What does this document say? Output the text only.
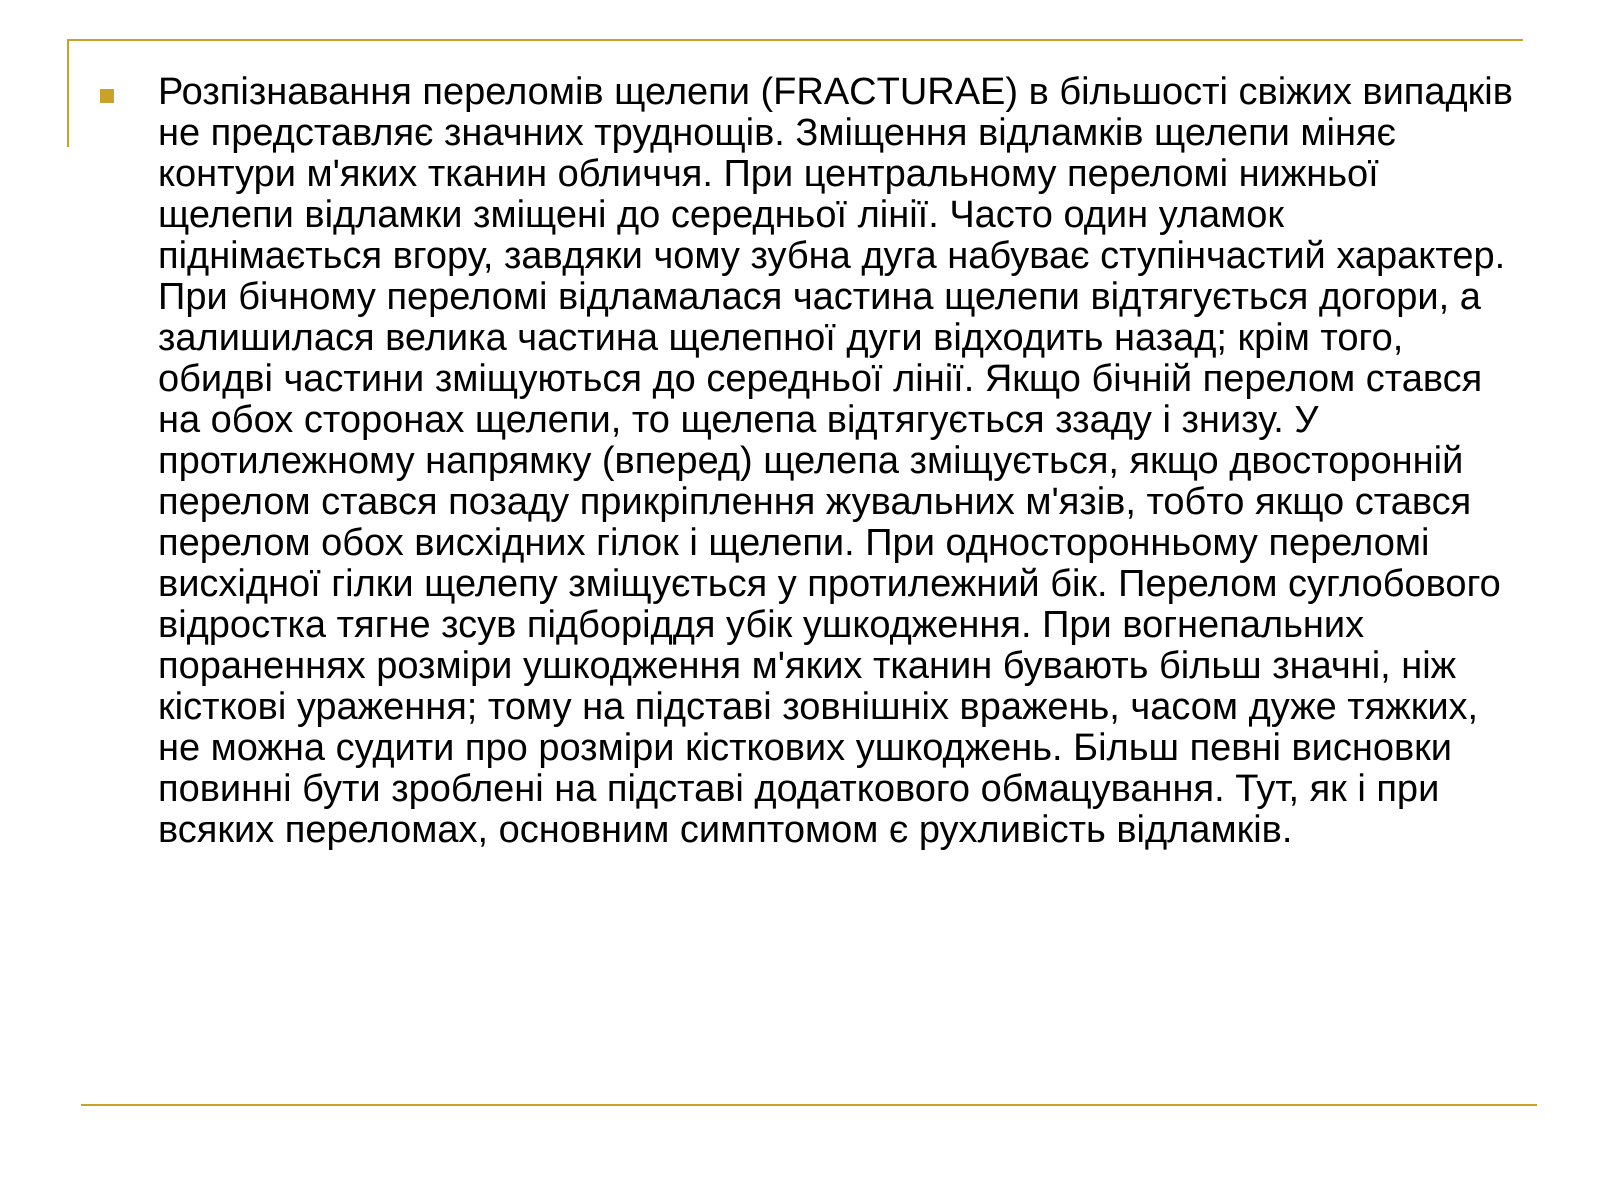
Розпізнавання переломів щелепи (FRACTURAE) в більшості свіжих випадків не представляє значних труднощів. Зміщення відламків щелепи міняє контури м'яких тканин обличчя. При центральному переломі нижньої щелепи відламки зміщені до середньої лінії. Часто один уламок піднімається вгору, завдяки чому зубна дуга набуває ступінчастий характер. При бічному переломі відламалася частина щелепи відтягується догори, а залишилася велика частина щелепної дуги відходить назад; крім того, обидві частини зміщуються до середньої лінії. Якщо бічній перелом стався на обох сторонах щелепи, то щелепа відтягується ззаду і знизу. У протилежному напрямку (вперед) щелепа зміщується, якщо двосторонній перелом стався позаду прикріплення жувальних м'язів, тобто якщо стався перелом обох висхідних гілок і щелепи. При односторонньому переломі висхідної гілки щелепу зміщується у протилежний бік. Перелом суглобового відростка тягне зсув підборіддя убік ушкодження. При вогнепальних пораненнях розміри ушкодження м'яких тканин бувають більш значні, ніж кісткові ураження; тому на підставі зовнішніх вражень, часом дуже тяжких, не можна судити про розміри кісткових ушкоджень. Більш певні висновки повинні бути зроблені на підставі додаткового обмацування. Тут, як і при всяких переломах, основним симптомом є рухливість відламків.
